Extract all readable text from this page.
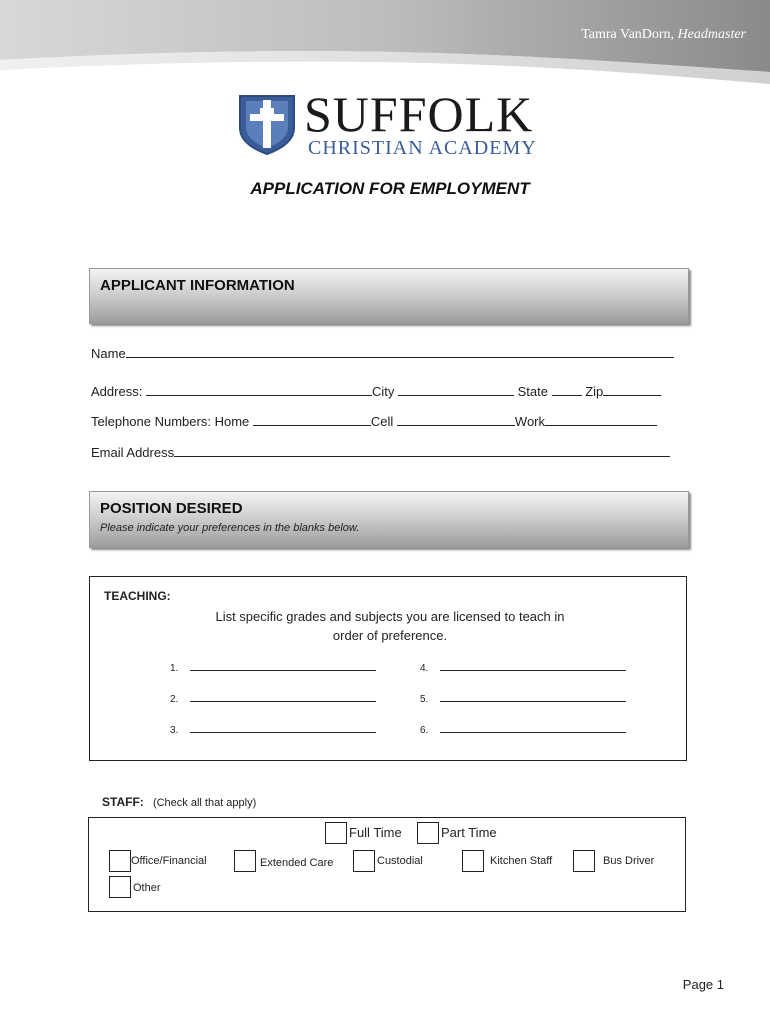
Tamra VanDorn, Headmaster
SUFFOLK
CHRISTIAN ACADEMY
APPLICATION FOR EMPLOYMENT
APPLICANT INFORMATION
Name
Address:	City	State	Zip
Telephone Numbers: Home	Cell	Work
Email Address
POSITION DESIRED
Please indicate your preferences in the blanks below.
TEACHING:
List specific grades and subjects you are licensed to teach in
order of preference.
1.
2.
3.
4.
5.
6.
STAFF: (Check all that apply)
Full Time	Part Time
Office/Financial	Extended Care	Custodial	Kitchen Staff	Bus Driver
Other
Page 1
